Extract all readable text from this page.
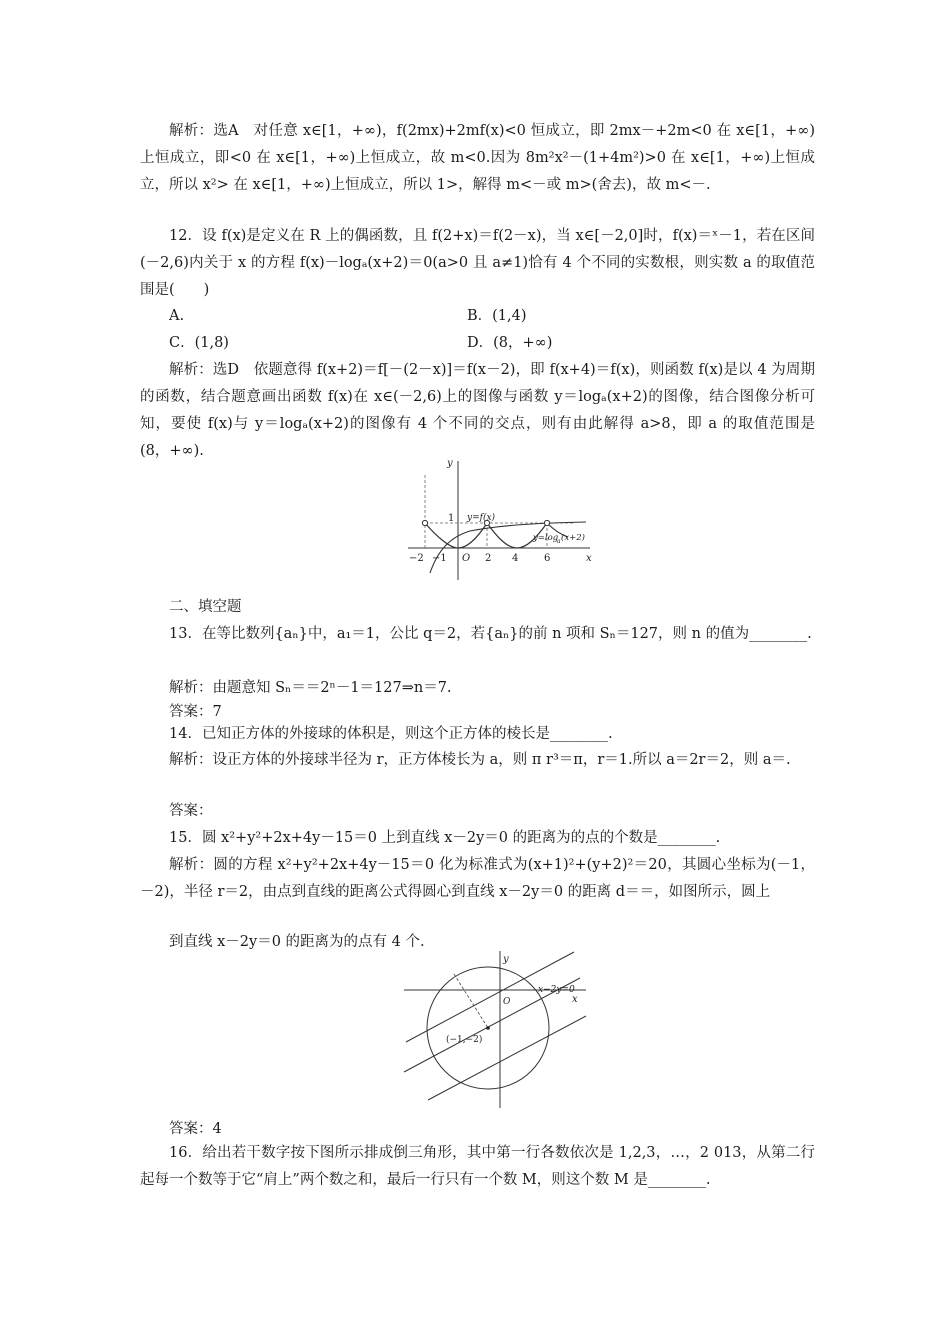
解析：选A　对任意 x∈[1，+∞)，f(2mx)+2mf(x)<0 恒成立，即 2mx－+2m<0 在 x∈[1，+∞)上恒成立，即<0 在 x∈[1，+∞)上恒成立，故 m<0.因为 8m²x²－(1+4m²)>0 在 x∈[1，+∞)上恒成立，所以 x²> 在 x∈[1，+∞)上恒成立，所以 1>，解得 m<－或 m>(舍去)，故 m<－.
12．设 f(x)是定义在 R 上的偶函数，且 f(2+x)＝f(2－x)，当 x∈[－2,0]时，f(x)＝ˣ－1，若在区间(－2,6)内关于 x 的方程 f(x)－logₐ(x+2)＝0(a>0 且 a≠1)恰有 4 个不同的实数根，则实数 a 的取值范围是(　　)
A.	B．(1,4)
C．(1,8)	D．(8，+∞)
解析：选D　依题意得 f(x+2)＝f[－(2－x)]＝f(x－2)，即 f(x+4)＝f(x)，则函数 f(x)是以 4 为周期的函数，结合题意画出函数 f(x)在 x∈(－2,6)上的图像与函数 y＝logₐ(x+2)的图像，结合图像分析可知，要使 f(x)与 y＝logₐ(x+2)的图像有 4 个不同的交点，则有由此解得 a>8，即 a 的取值范围是(8，+∞).
y
x
O
1
−2 −1	2 4	6
y=f(x)
y=log
a (x+2)
二、填空题
13．在等比数列{aₙ}中，a₁＝1，公比 q＝2，若{aₙ}的前 n 项和 Sₙ＝127，则 n 的值为________.
解析：由题意知 Sₙ＝＝2ⁿ－1＝127⇒n＝7.
答案：7
14．已知正方体的外接球的体积是，则这个正方体的棱长是________.
解析：设正方体的外接球半径为 r，正方体棱长为 a，则 π r³＝π，r＝1.所以 a＝2r＝2，则 a＝.
答案：
15．圆 x²+y²+2x+4y－15＝0 上到直线 x－2y＝0 的距离为的点的个数是________.
解析：圆的方程 x²+y²+2x+4y－15＝0 化为标准式为(x+1)²+(y+2)²＝20，其圆心坐标为(－1，－2)，半径 r＝2，由点到直线的距离公式得圆心到直线 x－2y＝0 的距离 d＝＝，如图所示，圆上
到直线 x－2y＝0 的距离为的点有 4 个.
y
x
O
x−2y=0
(−1,−2)
答案：4
16．给出若干数字按下图所示排成倒三角形，其中第一行各数依次是 1,2,3，…，2 013，从第二行起每一个数等于它“肩上”两个数之和，最后一行只有一个数 M，则这个数 M 是________.
